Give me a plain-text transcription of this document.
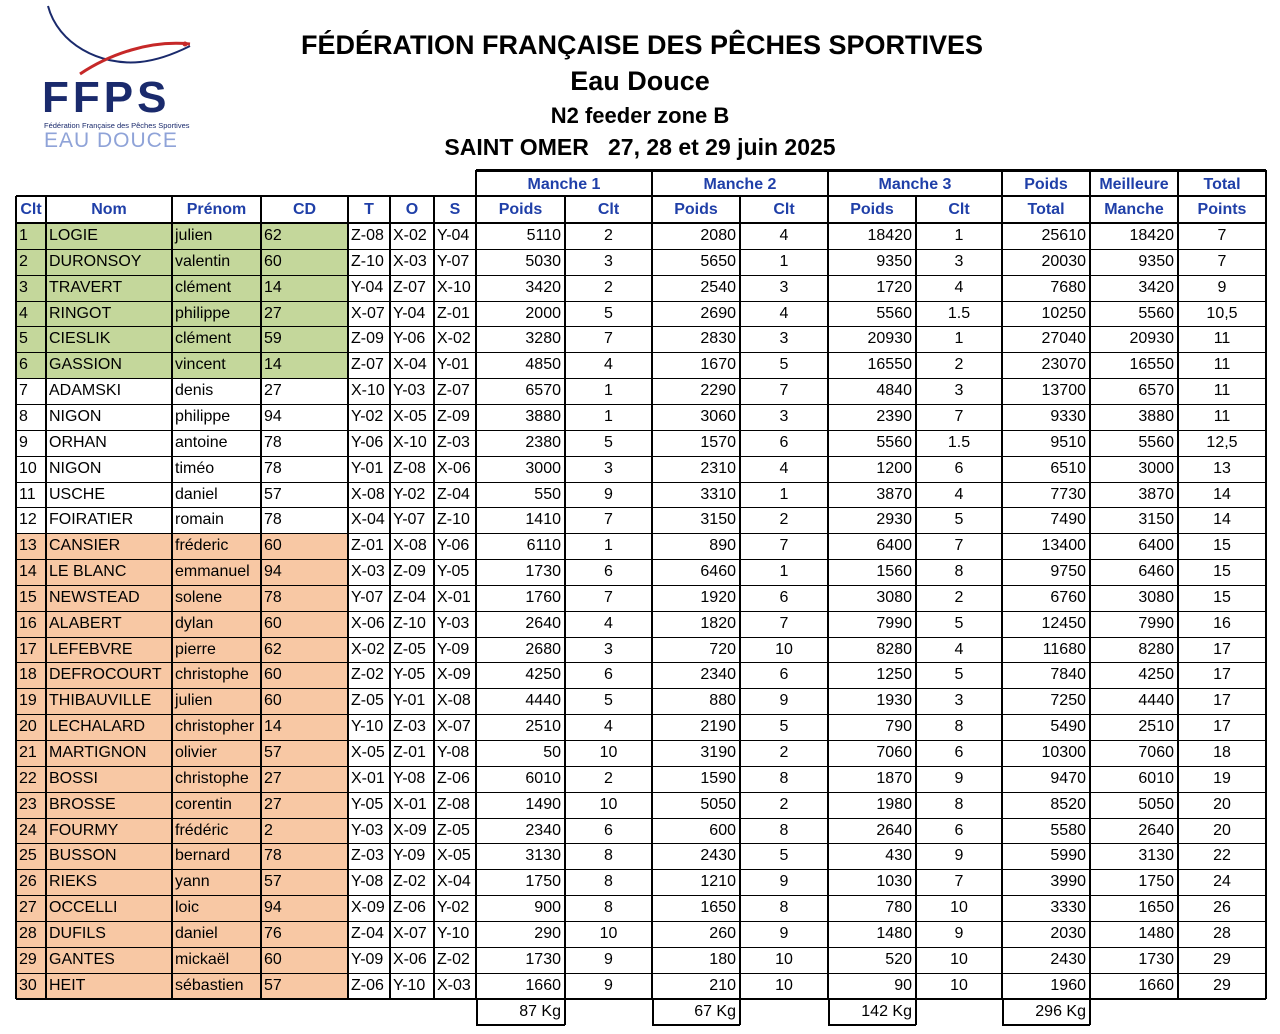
FFPS
Fédération Française des Pêches Sportives
EAU DOUCE
FÉDÉRATION FRANÇAISE DES PÊCHES SPORTIVES
Eau Douce
N2 feeder zone B
SAINT OMER   27, 28 et 29 juin 2025
Manche 1	Manche 2	Manche 3	Poids	Meilleure	Total
Clt	Nom	Prénom	CD	T	O	S	Poids	Clt	Poids	Clt	Poids	Clt	Total	Manche	Points
1	LOGIE	julien	62	Z-08 X-02 Y-04	5110	2	2080	4	18420	1	25610	18420	7
2	DURONSOY	valentin	60	Z-10 X-03 Y-07	5030	3	5650	1	9350	3	20030	9350	7
3	TRAVERT	clément	14	Y-04 Z-07 X-10	3420	2	2540	3	1720	4	7680	3420	9
4	RINGOT	philippe	27	X-07 Y-04 Z-01	2000	5	2690	4	5560	1.5	10250	5560	10,5
5	CIESLIK	clément	59	Z-09 Y-06 X-02	3280	7	2830	3	20930	1	27040	20930	11
6	GASSION	vincent	14	Z-07 X-04 Y-01	4850	4	1670	5	16550	2	23070	16550	11
7	ADAMSKI	denis	27	X-10 Y-03 Z-07	6570	1	2290	7	4840	3	13700	6570	11
8	NIGON	philippe	94	Y-02 X-05 Z-09	3880	1	3060	3	2390	7	9330	3880	11
9	ORHAN	antoine	78	Y-06 X-10 Z-03	2380	5	1570	6	5560	1.5	9510	5560	12,5
10 NIGON	timéo	78	Y-01 Z-08 X-06	3000	3	2310	4	1200	6	6510	3000	13
11 USCHE	daniel	57	X-08 Y-02 Z-04	550	9	3310	1	3870	4	7730	3870	14
12 FOIRATIER	romain	78	X-04 Y-07 Z-10	1410	7	3150	2	2930	5	7490	3150	14
13 CANSIER	fréderic	60	Z-01 X-08 Y-06	6110	1	890	7	6400	7	13400	6400	15
14 LE BLANC	emmanuel 94	X-03 Z-09 Y-05	1730	6	6460	1	1560	8	9750	6460	15
15 NEWSTEAD	solene	78	Y-07 Z-04 X-01	1760	7	1920	6	3080	2	6760	3080	15
16 ALABERT	dylan	60	X-06 Z-10 Y-03	2640	4	1820	7	7990	5	12450	7990	16
17 LEFEBVRE	pierre	62	X-02 Z-05 Y-09	2680	3	720	10	8280	4	11680	8280	17
18 DEFROCOURT christophe 60	Z-02 Y-05 X-09	4250	6	2340	6	1250	5	7840	4250	17
19 THIBAUVILLE	julien	60	Z-05 Y-01 X-08	4440	5	880	9	1930	3	7250	4440	17
20 LECHALARD	christopher 14	Y-10 Z-03 X-07	2510	4	2190	5	790	8	5490	2510	17
21 MARTIGNON	olivier	57	X-05 Z-01 Y-08	50	10	3190	2	7060	6	10300	7060	18
22 BOSSI	christophe 27	X-01 Y-08 Z-06	6010	2	1590	8	1870	9	9470	6010	19
23 BROSSE	corentin	27	Y-05 X-01 Z-08	1490	10	5050	2	1980	8	8520	5050	20
24 FOURMY	frédéric	2	Y-03 X-09 Z-05	2340	6	600	8	2640	6	5580	2640	20
25 BUSSON	bernard	78	Z-03 Y-09 X-05	3130	8	2430	5	430	9	5990	3130	22
26 RIEKS	yann	57	Y-08 Z-02 X-04	1750	8	1210	9	1030	7	3990	1750	24
27 OCCELLI	loic	94	X-09 Z-06 Y-02	900	8	1650	8	780	10	3330	1650	26
28 DUFILS	daniel	76	Z-04 X-07 Y-10	290	10	260	9	1480	9	2030	1480	28
29 GANTES	mickaël	60	Y-09 X-06 Z-02	1730	9	180	10	520	10	2430	1730	29
30 HEIT	sébastien	57	Z-06 Y-10 X-03	1660	9	210	10	90	10	1960	1660	29
87 Kg	67 Kg	142 Kg	296 Kg
